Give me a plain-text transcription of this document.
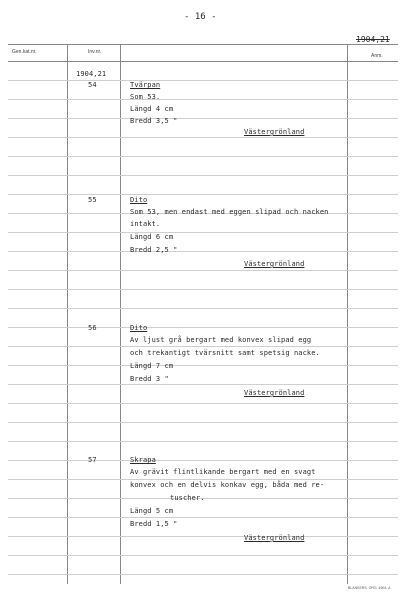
- 16 -
1904,21
Gen.kat.nr.	Inv.nr.
Anm.
1904,21
54	Tvärpan
Som 53.
Längd 4 cm
Bredd 3,5 "
Västergrönland
55	Dito
Som 53, men endast med eggen slipad och nacken
intakt.
Längd 6 cm
Bredd 2,5 "
Västergrönland
56	Dito
Av ljust grå bergart med konvex slipad egg
och trekantigt tvärsnitt samt spetsig nacke.
Längd 7 cm
Bredd 3 "
Västergrönland
57	Skrapa
Av grävit flintlikande bergart med en svagt
konvex och en delvis konkav egg, båda med re-
tuscher.
Längd 5 cm
Bredd 1,5 "
Västergrönland
BLANKERS. ORG. 4904. A
